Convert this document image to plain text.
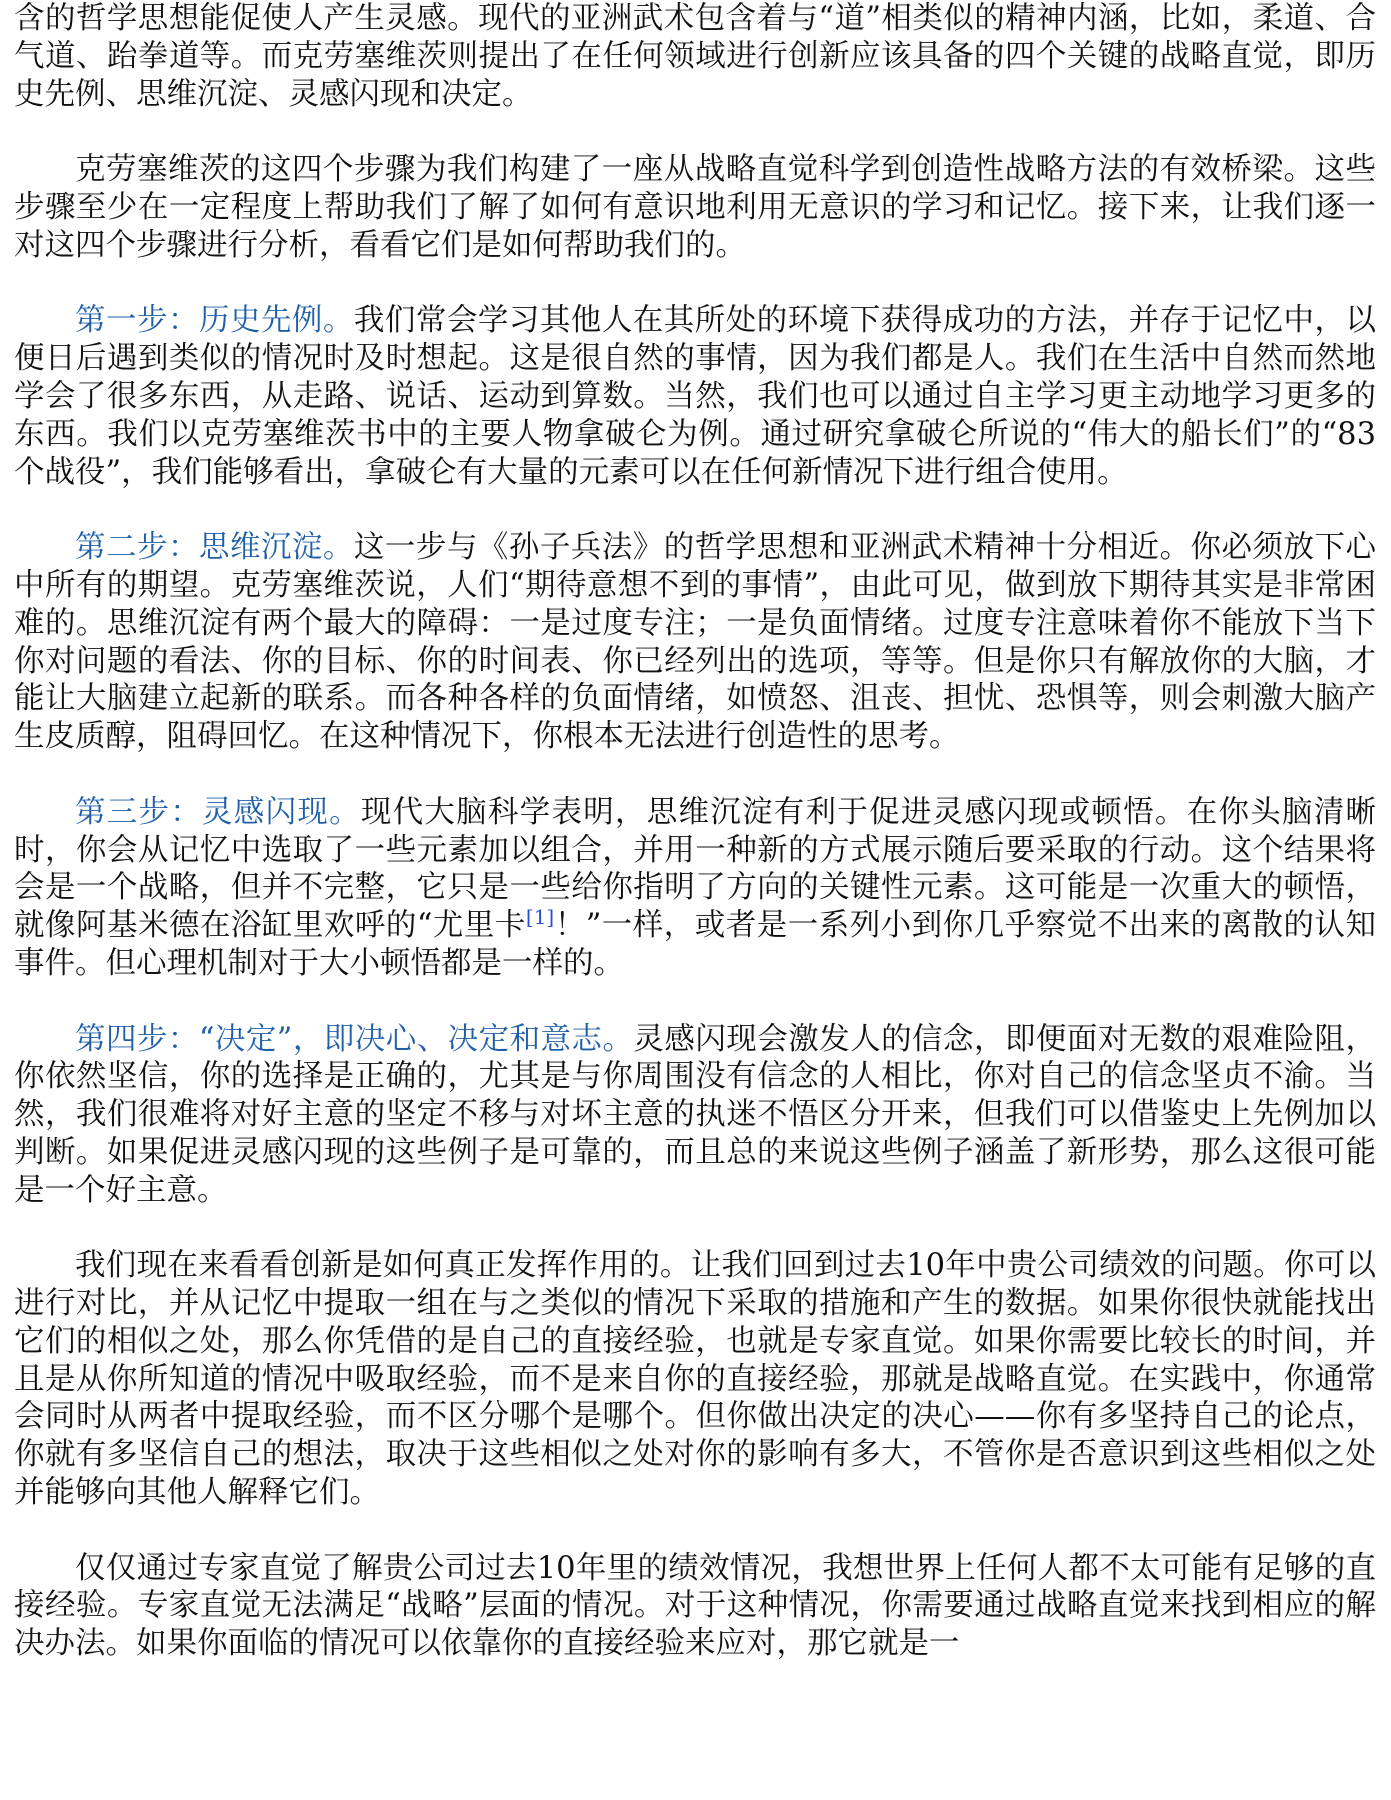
含的哲学思想能促使人产生灵感。现代的亚洲武术包含着与“道”相类似的精神内涵，比如，柔道、合气道、跆拳道等。而克劳塞维茨则提出了在任何领域进行创新应该具备的四个关键的战略直觉，即历史先例、思维沉淀、灵感闪现和决定。

克劳塞维茨的这四个步骤为我们构建了一座从战略直觉科学到创造性战略方法的有效桥梁。这些步骤至少在一定程度上帮助我们了解了如何有意识地利用无意识的学习和记忆。接下来，让我们逐一对这四个步骤进行分析，看看它们是如何帮助我们的。

第一步：历史先例。我们常会学习其他人在其所处的环境下获得成功的方法，并存于记忆中，以便日后遇到类似的情况时及时想起。这是很自然的事情，因为我们都是人。我们在生活中自然而然地学会了很多东西，从走路、说话、运动到算数。当然，我们也可以通过自主学习更主动地学习更多的东西。我们以克劳塞维茨书中的主要人物拿破仑为例。通过研究拿破仑所说的“伟大的船长们”的“83个战役”，我们能够看出，拿破仑有大量的元素可以在任何新情况下进行组合使用。

第二步：思维沉淀。这一步与《孙子兵法》的哲学思想和亚洲武术精神十分相近。你必须放下心中所有的期望。克劳塞维茨说，人们“期待意想不到的事情”，由此可见，做到放下期待其实是非常困难的。思维沉淀有两个最大的障碍：一是过度专注；一是负面情绪。过度专注意味着你不能放下当下你对问题的看法、你的目标、你的时间表、你已经列出的选项，等等。但是你只有解放你的大脑，才能让大脑建立起新的联系。而各种各样的负面情绪，如愤怒、沮丧、担忧、恐惧等，则会刺激大脑产生皮质醇，阻碍回忆。在这种情况下，你根本无法进行创造性的思考。

第三步：灵感闪现。现代大脑科学表明，思维沉淀有利于促进灵感闪现或顿悟。在你头脑清晰时，你会从记忆中选取了一些元素加以组合，并用一种新的方式展示随后要采取的行动。这个结果将会是一个战略，但并不完整，它只是一些给你指明了方向的关键性元素。这可能是一次重大的顿悟，就像阿基米德在浴缸里欢呼的“尤里卡[1]！”一样，或者是一系列小到你几乎察觉不出来的离散的认知事件。但心理机制对于大小顿悟都是一样的。

第四步：“决定”，即决心、决定和意志。灵感闪现会激发人的信念，即便面对无数的艰难险阻，你依然坚信，你的选择是正确的，尤其是与你周围没有信念的人相比，你对自己的信念坚贞不渝。当然，我们很难将对好主意的坚定不移与对坏主意的执迷不悟区分开来，但我们可以借鉴史上先例加以判断。如果促进灵感闪现的这些例子是可靠的，而且总的来说这些例子涵盖了新形势，那么这很可能是一个好主意。

我们现在来看看创新是如何真正发挥作用的。让我们回到过去10年中贵公司绩效的问题。你可以进行对比，并从记忆中提取一组在与之类似的情况下采取的措施和产生的数据。如果你很快就能找出它们的相似之处，那么你凭借的是自己的直接经验，也就是专家直觉。如果你需要比较长的时间，并且是从你所知道的情况中吸取经验，而不是来自你的直接经验，那就是战略直觉。在实践中，你通常会同时从两者中提取经验，而不区分哪个是哪个。但你做出决定的决心——你有多坚持自己的论点，你就有多坚信自己的想法，取决于这些相似之处对你的影响有多大，不管你是否意识到这些相似之处并能够向其他人解释它们。

仅仅通过专家直觉了解贵公司过去10年里的绩效情况，我想世界上任何人都不太可能有足够的直接经验。专家直觉无法满足“战略”层面的情况。对于这种情况，你需要通过战略直觉来找到相应的解决办法。如果你面临的情况可以依靠你的直接经验来应对，那它就是一
